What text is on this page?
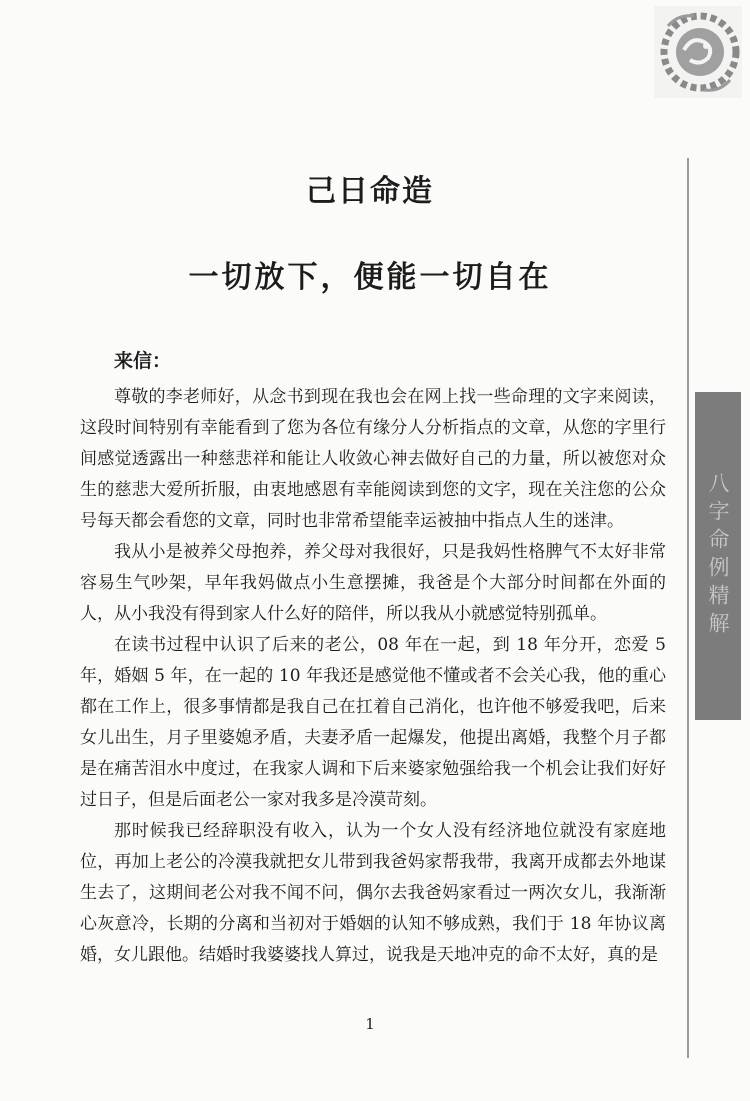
八字命例精解
己日命造
一切放下，便能一切自在

来信：

尊敬的李老师好，从念书到现在我也会在网上找一些命理的文字来阅读，这段时间特别有幸能看到了您为各位有缘分人分析指点的文章，从您的字里行间感觉透露出一种慈悲祥和能让人收敛心神去做好自己的力量，所以被您对众生的慈悲大爱所折服，由衷地感恩有幸能阅读到您的文字，现在关注您的公众号每天都会看您的文章，同时也非常希望能幸运被抽中指点人生的迷津。

我从小是被养父母抱养，养父母对我很好，只是我妈性格脾气不太好非常容易生气吵架，早年我妈做点小生意摆摊，我爸是个大部分时间都在外面的人，从小我没有得到家人什么好的陪伴，所以我从小就感觉特别孤单。

在读书过程中认识了后来的老公，08 年在一起，到 18 年分开，恋爱 5 年，婚姻 5 年，在一起的 10 年我还是感觉他不懂或者不会关心我，他的重心都在工作上，很多事情都是我自己在扛着自己消化，也许他不够爱我吧，后来女儿出生，月子里婆媳矛盾，夫妻矛盾一起爆发，他提出离婚，我整个月子都是在痛苦泪水中度过，在我家人调和下后来婆家勉强给我一个机会让我们好好过日子，但是后面老公一家对我多是冷漠苛刻。

那时候我已经辞职没有收入，认为一个女人没有经济地位就没有家庭地位，再加上老公的冷漠我就把女儿带到我爸妈家帮我带，我离开成都去外地谋生去了，这期间老公对我不闻不问，偶尔去我爸妈家看过一两次女儿，我渐渐心灰意冷，长期的分离和当初对于婚姻的认知不够成熟，我们于 18 年协议离婚，女儿跟他。结婚时我婆婆找人算过，说我是天地冲克的命不太好，真的是

1
